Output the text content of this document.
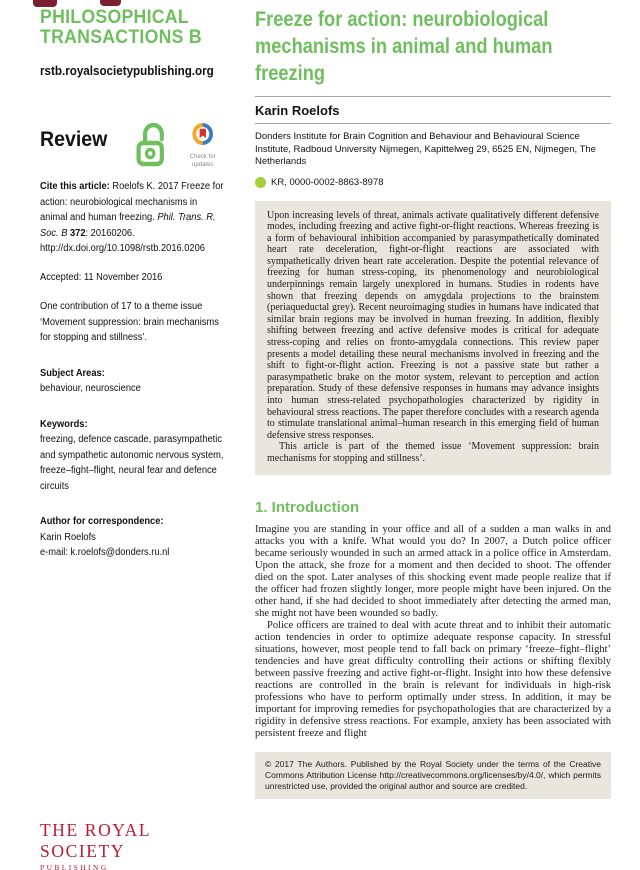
PHILOSOPHICAL
TRANSACTIONS B
rstb.royalsocietypublishing.org
Review
Check for updates

Cite this article: Roelofs K. 2017 Freeze for action: neurobiological mechanisms in animal and human freezing. Phil. Trans. R. Soc. B 372: 20160206.
http://dx.doi.org/10.1098/rstb.2016.0206

Accepted: 11 November 2016

One contribution of 17 to a theme issue ‘Movement suppression: brain mechanisms for stopping and stillness’.

Subject Areas:

behaviour, neuroscience

Keywords:

freezing, defence cascade, parasympathetic and sympathetic autonomic nervous system, freeze–fight–flight, neural fear and defence circuits

Author for correspondence:

Karin Roelofs

e-mail: k.roelofs@donders.ru.nl

THE ROYAL SOCIETY
PUBLISHING
Freeze for action: neurobiological mechanisms in animal and human freezing
Karin Roelofs

Donders Institute for Brain Cognition and Behaviour and Behavioural Science Institute, Radboud University Nijmegen, Kapittelweg 29, 6525 EN, Nijmegen, The Netherlands

KR, 0000-0002-8863-8978

Upon increasing levels of threat, animals activate qualitatively different defensive modes, including freezing and active fight-or-flight reactions. Whereas freezing is a form of behavioural inhibition accompanied by parasympathetically dominated heart rate deceleration, fight-or-flight reactions are associated with sympathetically driven heart rate acceleration. Despite the potential relevance of freezing for human stress-coping, its phenomenology and neurobiological underpinnings remain largely unexplored in humans. Studies in rodents have shown that freezing depends on amygdala projections to the brainstem (periaqueductal grey). Recent neuroimaging studies in humans have indicated that similar brain regions may be involved in human freezing. In addition, flexibly shifting between freezing and active defensive modes is critical for adequate stress-coping and relies on fronto-amygdala connections. This review paper presents a model detailing these neural mechanisms involved in freezing and the shift to fight-or-flight action. Freezing is not a passive state but rather a parasympathetic brake on the motor system, relevant to perception and action preparation. Study of these defensive responses in humans may advance insights into human stress-related psychopathologies characterized by rigidity in behavioural stress reactions. The paper therefore concludes with a research agenda to stimulate translational animal–human research in this emerging field of human defensive stress responses.

This article is part of the themed issue ‘Movement suppression: brain mechanisms for stopping and stillness’.

1. Introduction

Imagine you are standing in your office and all of a sudden a man walks in and attacks you with a knife. What would you do? In 2007, a Dutch police officer became seriously wounded in such an armed attack in a police office in Amsterdam. Upon the attack, she froze for a moment and then decided to shoot. The offender died on the spot. Later analyses of this shocking event made people realize that if the officer had frozen slightly longer, more people might have been injured. On the other hand, if she had decided to shoot immediately after detecting the armed man, she might not have been wounded so badly.

Police officers are trained to deal with acute threat and to inhibit their automatic action tendencies in order to optimize adequate response capacity. In stressful situations, however, most people tend to fall back on primary ‘freeze–fight–flight’ tendencies and have great difficulty controlling their actions or shifting flexibly between passive freezing and active fight-or-flight. Insight into how these defensive reactions are controlled in the brain is relevant for individuals in high-risk professions who have to perform optimally under stress. In addition, it may be important for improving remedies for psychopathologies that are characterized by a rigidity in defensive stress reactions. For example, anxiety has been associated with persistent freeze and flight

© 2017 The Authors. Published by the Royal Society under the terms of the Creative Commons Attribution License http://creativecommons.org/licenses/by/4.0/, which permits unrestricted use, provided the original author and source are credited.
